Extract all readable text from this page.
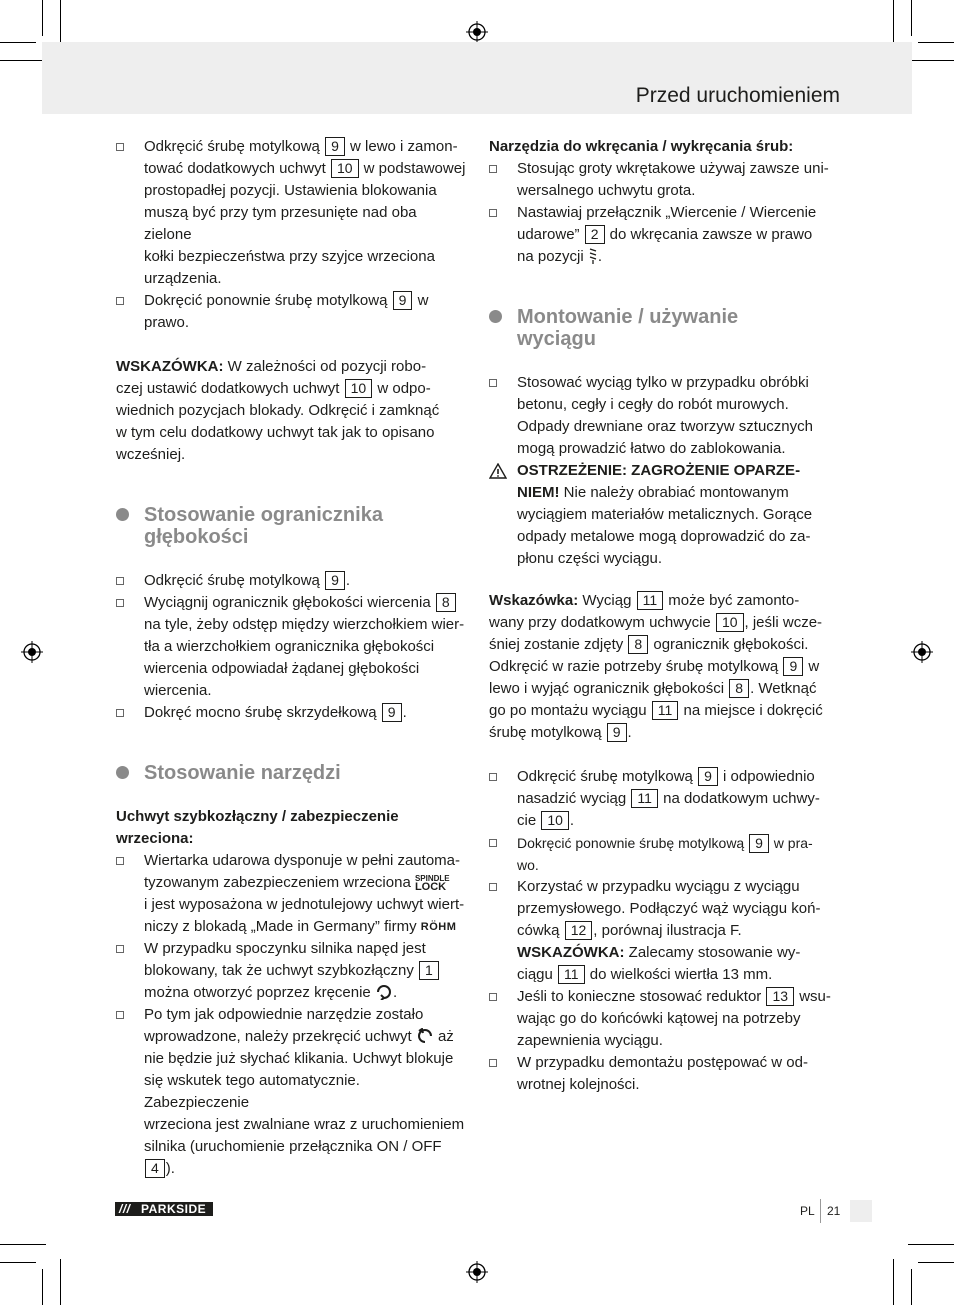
Przed uruchomieniem
Odkręcić śrubę motylkową 9 w lewo i zamon-
tować dodatkowych uchwyt 10 w podstawowej
prostopadłej pozycji. Ustawienia blokowania
muszą być przy tym przesunięte nad oba zielone
kołki bezpieczeństwa przy szyjce wrzeciona
urządzenia.
Dokręcić ponownie śrubę motylkową 9 w
prawo.

WSKAZÓWKA: W zależności od pozycji robo-
czej ustawić dodatkowych uchwyt 10 w odpo-
wiednich pozycjach blokady. Odkręcić i zamknąć
w tym celu dodatkowy uchwyt tak jak to opisano
wcześniej.

Stosowanie ogranicznika
głębokości
Odkręcić śrubę motylkową 9 .
Wyciągnij ogranicznik głębokości wiercenia 8
na tyle, żeby odstęp między wierzchołkiem wier-
tła a wierzchołkiem ogranicznika głębokości
wiercenia odpowiadał żądanej głębokości
wiercenia.
Dokręć mocno śrubę skrzydełkową 9 .
Stosowanie narzędzi

Uchwyt szybkozłączny / zabezpieczenie
wrzeciona:

Wiertarka udarowa dysponuje w pełni zautoma-
tyzowanym zabezpieczeniem wrzeciona SPINDLE
LOCK
i jest wyposażona w jednotulejowy uchwyt wiert-
niczy z blokadą „Made in Germany” firmy RÖHM
W przypadku spoczynku silnika napęd jest
blokowany, tak że uchwyt szybkozłączny 1
można otworzyć poprzez kręcenie .
Po tym jak odpowiednie narzędzie zostało
wprowadzone, należy przekręcić uchwyt  aż
nie będzie już słychać klikania. Uchwyt blokuje
się wskutek tego automatycznie. Zabezpieczenie
wrzeciona jest zwalniane wraz z uruchomieniem
silnika (uruchomienie przełącznika ON / OFF 4 ).

Narzędzia do wkręcania / wykręcania śrub:

Stosując groty wkrętakowe używaj zawsze uni-
wersalnego uchwytu grota.
Nastawiaj przełącznik „Wiercenie / Wiercenie
udarowe” 2 do wkręcania zawsze w prawo
na pozycji .
Montowanie / używanie
wyciągu
Stosować wyciąg tylko w przypadku obróbki
betonu, cegły i cegły do robót murowych.
Odpady drewniane oraz tworzyw sztucznych
mogą prowadzić łatwo do zablokowania.
OSTRZEŻENIE: ZAGROŻENIE OPARZE-
NIEM! Nie należy obrabiać montowanym
wyciągiem materiałów metalicznych. Gorące
odpady metalowe mogą doprowadzić do za-
płonu części wyciągu.

Wskazówka: Wyciąg 11 może być zamonto-
wany przy dodatkowym uchwycie 10 , jeśli wcze-
śniej zostanie zdjęty 8 ogranicznik głębokości.
Odkręcić w razie potrzeby śrubę motylkową 9 w
lewo i wyjąć ogranicznik głębokości 8 . Wetknąć
go po montażu wyciągu 11 na miejsce i dokręcić
śrubę motylkową 9 .

Odkręcić śrubę motylkową 9 i odpowiednio
nasadzić wyciąg 11 na dodatkowym uchwy-
cie 10 .
Dokręcić ponownie śrubę motylkową 9 w pra-
wo.
Korzystać w przypadku wyciągu z wyciągu
przemysłowego. Podłączyć wąż wyciągu koń-
cówką 12 , porównaj ilustracja F.
WSKAZÓWKA: Zalecamy stosowanie wy-
ciągu 11 do wielkości wiertła 13 mm.
Jeśli to konieczne stosować reduktor 13 wsu-
wając go do końcówki kątowej na potrzeby
zapewnienia wyciągu.
W przypadku demontażu postępować w od-
wrotnej kolejności.
/// PARKSIDE	PL 21
